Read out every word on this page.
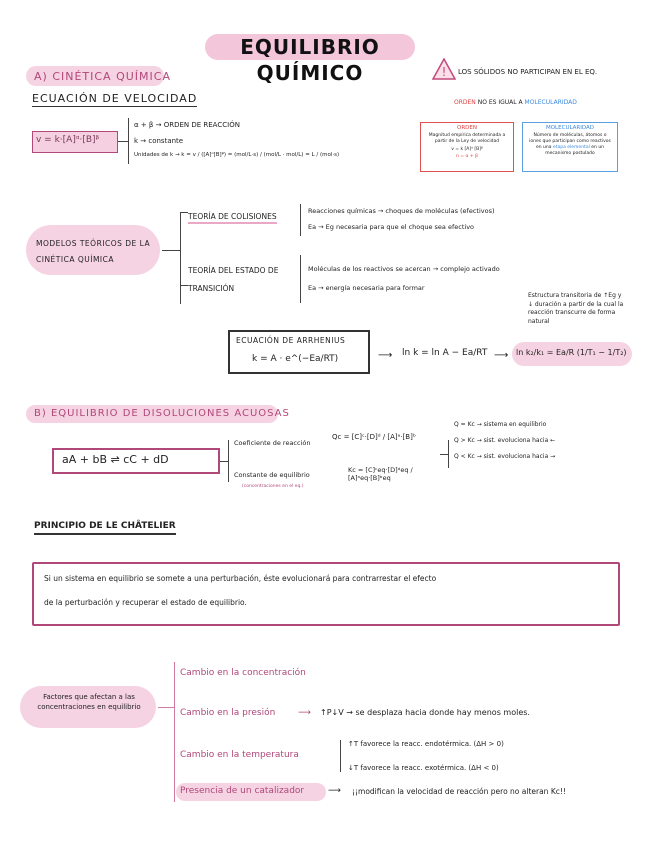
EQUILIBRIO QUÍMICO
A) CINÉTICA QUÍMICA
ECUACIÓN DE VELOCIDAD
v = k·[A]ᵅ·[B]ᵝ
α + β → ORDEN DE REACCIÓN
k → constante
Unidades de k → k = v / ([A]ᵅ[B]ᵝ) = (mol/L·s) / (mol/L · mol/L) = L / (mol·s)
! LOS SÓLIDOS NO PARTICIPAN EN EL EQ.
ORDEN NO ES IGUAL A MOLECULARIDAD
ORDEN
Magnitud empírica determinada a partir de la Ley de velocidad
v = k [A]ᵅ [B]ᵝ
n = α + β
MOLECULARIDAD
Número de moléculas, átomos o iones que participan como reactivos en una etapa elemental en un mecanismo postulado
MODELOS TEÓRICOS DE LA CINÉTICA QUÍMICA
TEORÍA DE COLISIONES
Reacciones químicas → choques de moléculas (efectivos)
Ea → Eg necesaria para que el choque sea efectivo
TEORÍA DEL ESTADO DE TRANSICIÓN
Moléculas de los reactivos se acercan → complejo activado
Ea → energía necesaria para formar
Estructura transitoria de ↑Eg y ↓ duración a partir de la cual la reacción transcurre de forma natural
ECUACIÓN DE ARRHENIUS
k = A · e^(−Ea/RT)	⟶ ln k = ln A − Ea/RT ⟶ ln k₂/k₁ = Ea/R (1/T₁ − 1/T₂)
B) EQUILIBRIO DE DISOLUCIONES ACUOSAS
aA + bB ⇌ cC + dD
Coeficiente de reacción
Qc = [C]ᶜ·[D]ᵈ / [A]ᵃ·[B]ᵇ
Constante de equilibrio
Kc = [C]ᶜeq·[D]ᵈeq / [A]ᵃeq·[B]ᵇeq
(concentraciones en el eq.)
Q = Kc → sistema en equilibrio
Q > Kc → sist. evoluciona hacia ←
Q < Kc → sist. evoluciona hacia →
PRINCIPIO DE LE CHÂTELIER
Si un sistema en equilibrio se somete a una perturbación, éste evolucionará para contrarrestar el efecto
de la perturbación y recuperar el estado de equilibrio.
Factores que afectan a las concentraciones en equilibrio
Cambio en la concentración
Cambio en la presión	⟶ ↑P↓V → se desplaza hacia donde hay menos moles.
Cambio en la temperatura
↑T favorece la reacc. endotérmica. (ΔH > 0)
↓T favorece la reacc. exotérmica. (ΔH < 0)
Presencia de un catalizador	⟶ ¡¡modifican la velocidad de reacción pero no alteran Kc!!
